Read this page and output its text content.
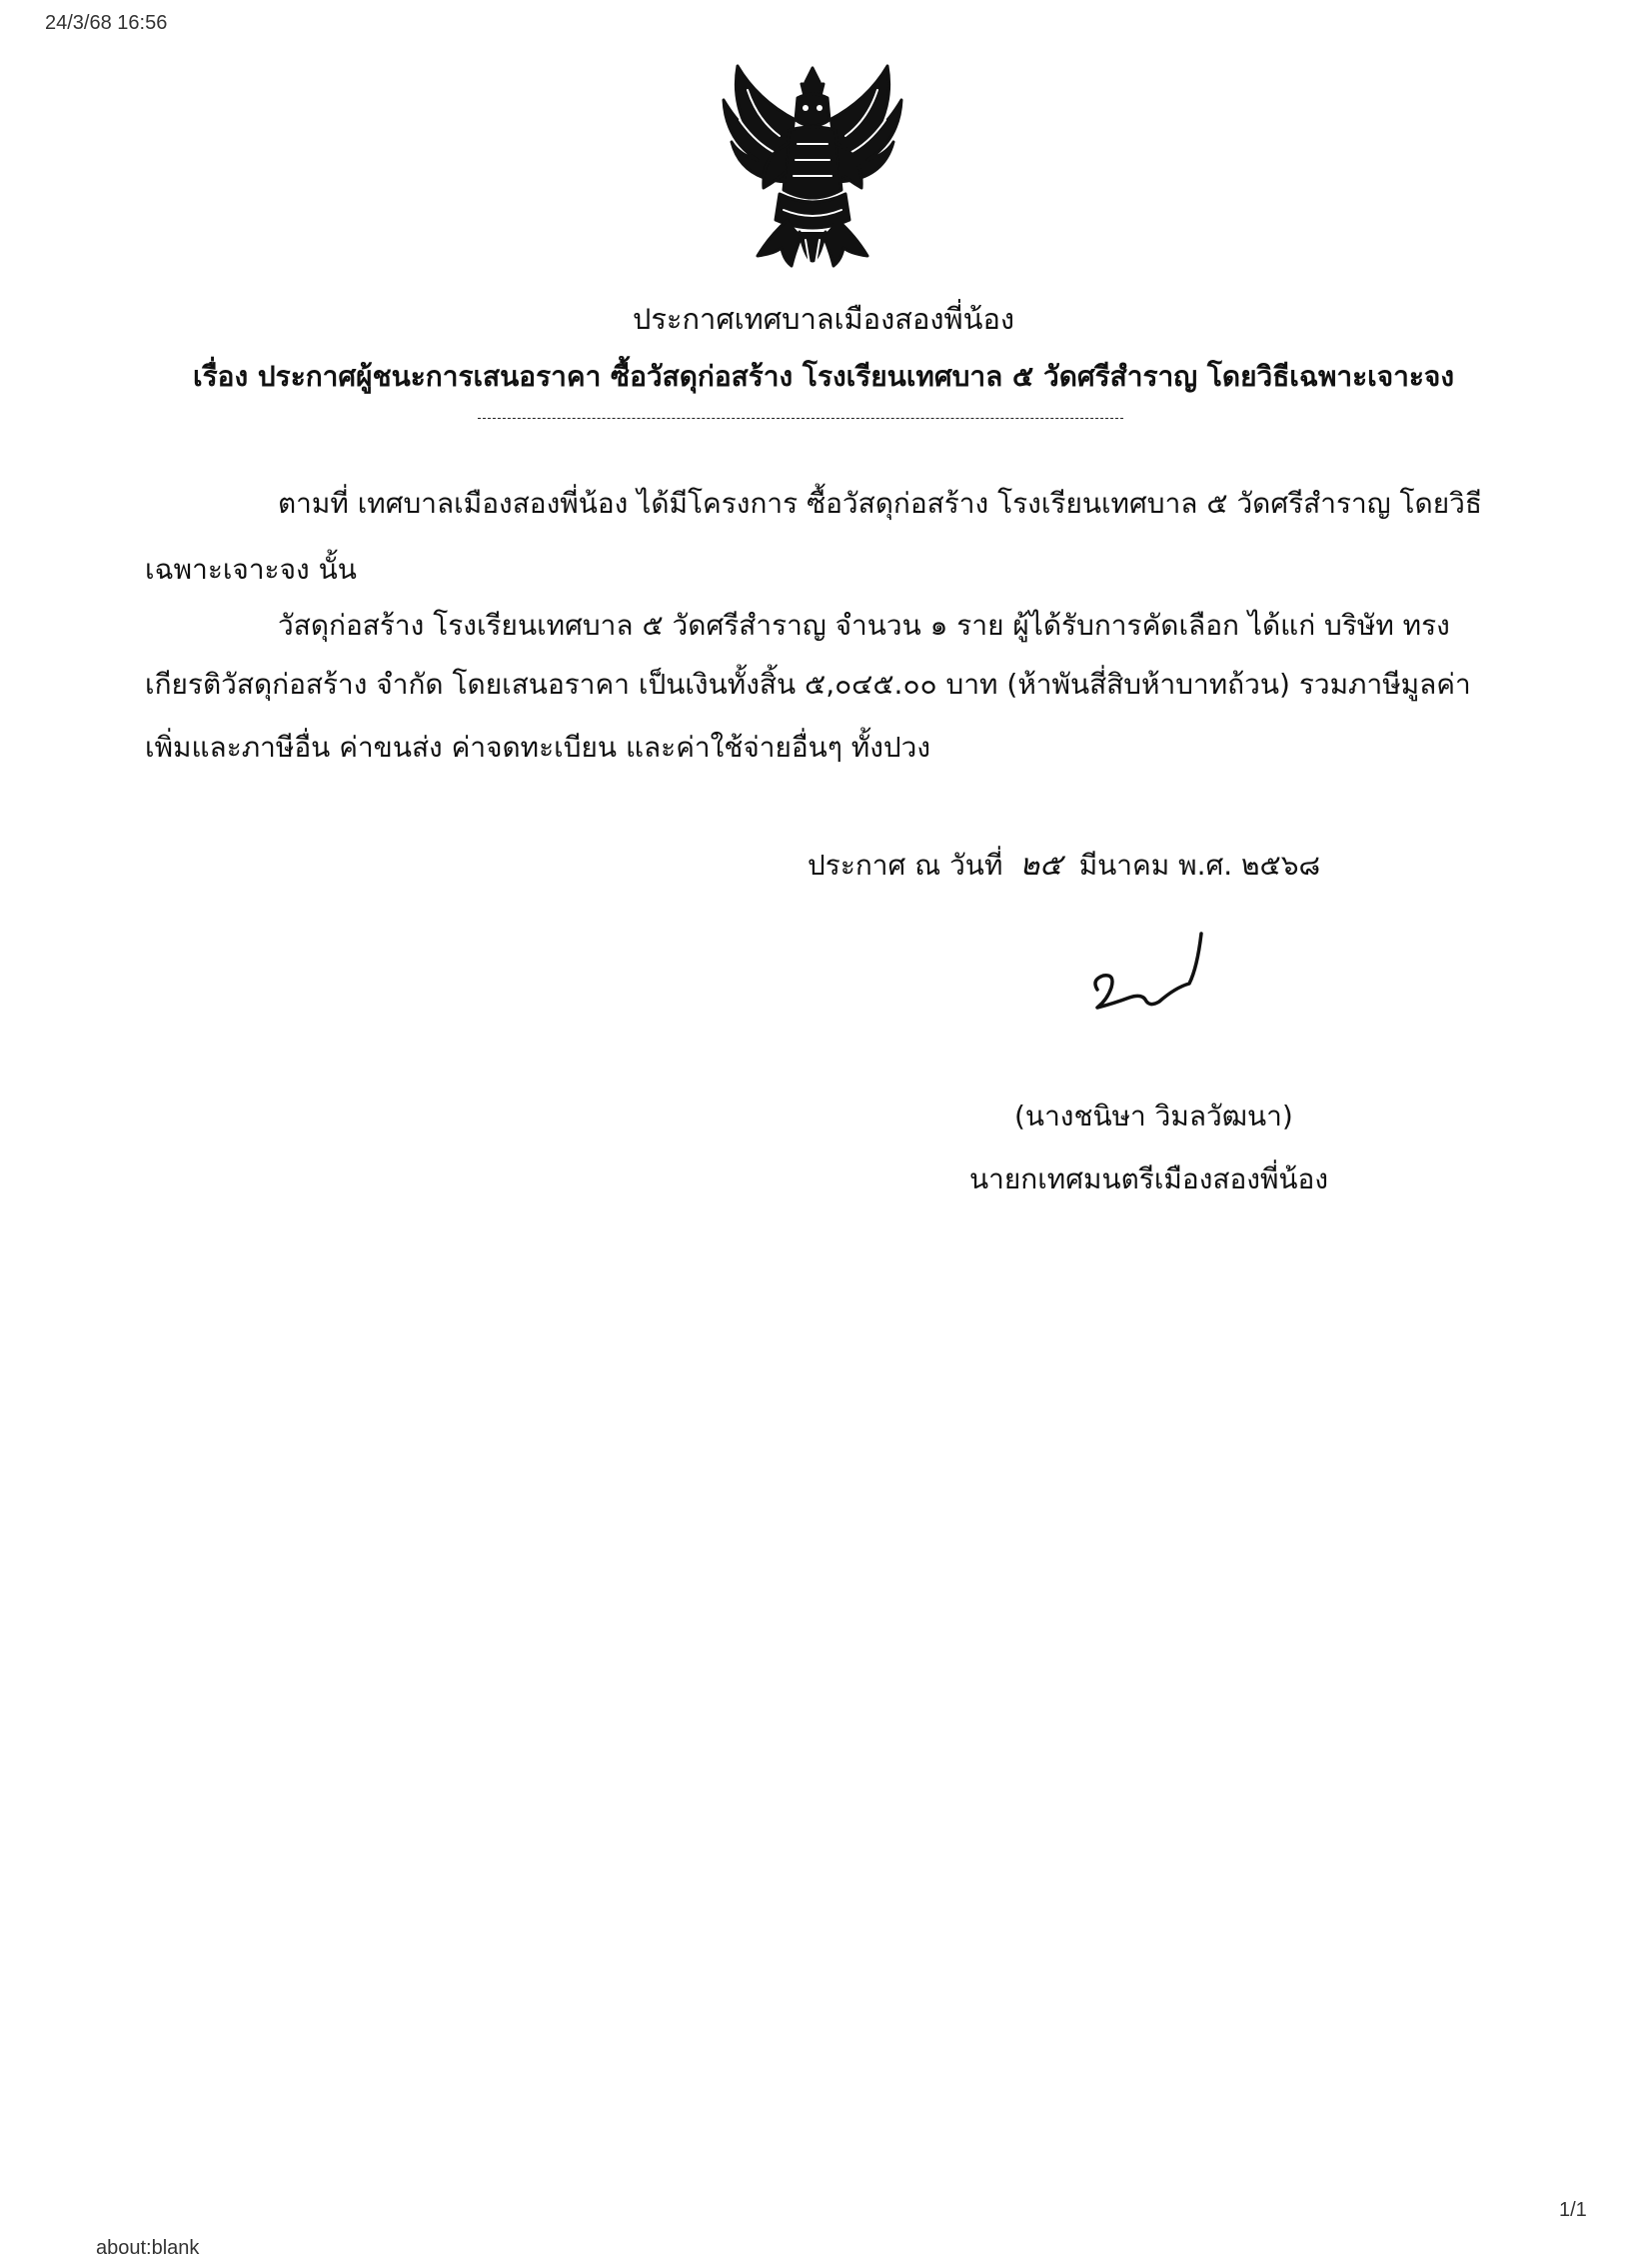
24/3/68 16:56
ประกาศเทศบาลเมืองสองพี่น้อง
เรื่อง ประกาศผู้ชนะการเสนอราคา ซื้อวัสดุก่อสร้าง โรงเรียนเทศบาล ๕ วัดศรีสำราญ โดยวิธีเฉพาะเจาะจง
ตามที่ เทศบาลเมืองสองพี่น้อง ได้มีโครงการ ซื้อวัสดุก่อสร้าง โรงเรียนเทศบาล ๕ วัดศรีสำราญ โดยวิธี
เฉพาะเจาะจง นั้น
วัสดุก่อสร้าง โรงเรียนเทศบาล ๕ วัดศรีสำราญ จำนวน ๑ ราย ผู้ได้รับการคัดเลือก ได้แก่ บริษัท ทรง
เกียรติวัสดุก่อสร้าง จำกัด โดยเสนอราคา เป็นเงินทั้งสิ้น ๕,๐๔๕.๐๐ บาท (ห้าพันสี่สิบห้าบาทถ้วน) รวมภาษีมูลค่า
เพิ่มและภาษีอื่น ค่าขนส่ง ค่าจดทะเบียน และค่าใช้จ่ายอื่นๆ ทั้งปวง
ประกาศ ณ วันที่ ๒๕ มีนาคม พ.ศ. ๒๕๖๘
(นางชนิษา วิมลวัฒนา)
นายกเทศมนตรีเมืองสองพี่น้อง
1/1
about:blank
